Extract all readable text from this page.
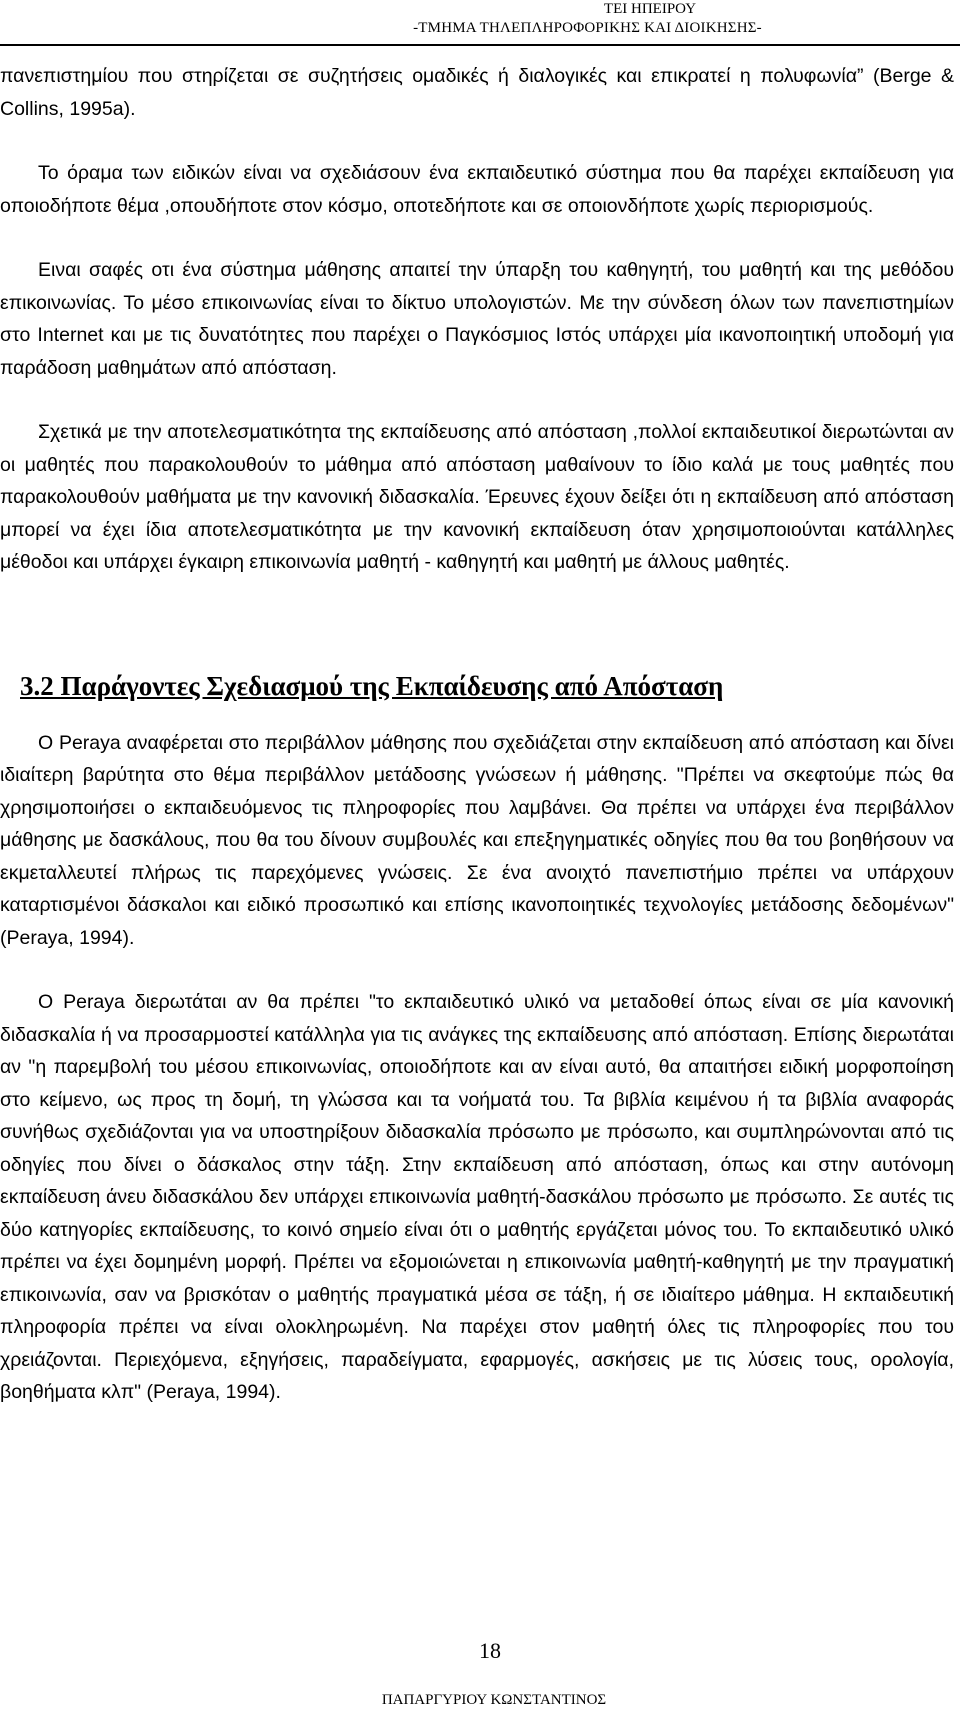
ΤΕΙ ΗΠΕΙΡΟΥ
-ΤΜΗΜΑ ΤΗΛΕΠΛΗΡΟΦΟΡΙΚΗΣ ΚΑΙ ΔΙΟΙΚΗΣΗΣ-

πανεπιστημίου που στηρίζεται σε συζητήσεις ομαδικές ή διαλογικές και επικρατεί η πολυφωνία” (Berge & Collins, 1995a).

Το όραμα των ειδικών είναι να σχεδιάσουν ένα εκπαιδευτικό σύστημα που θα παρέχει εκπαίδευση για οποιοδήποτε θέμα ,οπουδήποτε στον κόσμο, οποτεδήποτε και σε οποιονδήποτε χωρίς περιορισμούς.

Ειναι σαφές οτι ένα σύστημα μάθησης απαιτεί την ύπαρξη του καθηγητή, του μαθητή και της μεθόδου επικοινωνίας. Το μέσο επικοινωνίας είναι το δίκτυο υπολογιστών. Με την σύνδεση όλων των πανεπιστημίων στο Internet και με τις δυνατότητες που παρέχει ο Παγκόσμιος Ιστός υπάρχει μία ικανοποιητική υποδομή για παράδοση μαθημάτων από απόσταση.

Σχετικά με την αποτελεσματικότητα της εκπαίδευσης από απόσταση ,πολλοί εκπαιδευτικοί διερωτώνται αν οι μαθητές που παρακολουθούν το μάθημα από απόσταση μαθαίνουν το ίδιο καλά με τους μαθητές που παρακολουθούν μαθήματα με την κανονική διδασκαλία. Έρευνες έχουν δείξει ότι η εκπαίδευση από απόσταση μπορεί να έχει ίδια αποτελεσματικότητα με την κανονική εκπαίδευση όταν χρησιμοποιούνται κατάλληλες μέθοδοι και υπάρχει έγκαιρη επικοινωνία μαθητή - καθηγητή και μαθητή με άλλους μαθητές.

3.2 Παράγοντες Σχεδιασμού της Εκπαίδευσης από Απόσταση

Ο Peraya αναφέρεται στο περιβάλλον μάθησης που σχεδιάζεται στην εκπαίδευση από απόσταση και δίνει ιδιαίτερη βαρύτητα στο θέμα περιβάλλον μετάδοσης γνώσεων ή μάθησης. "Πρέπει να σκεφτούμε πώς θα χρησιμοποιήσει ο εκπαιδευόμενος τις πληροφορίες που λαμβάνει. Θα πρέπει να υπάρχει ένα περιβάλλον μάθησης με δασκάλους, που θα του δίνουν συμβουλές και επεξηγηματικές οδηγίες που θα του βοηθήσουν να εκμεταλλευτεί πλήρως τις παρεχόμενες γνώσεις. Σε ένα ανοιχτό πανεπιστήμιο πρέπει να υπάρχουν καταρτισμένοι δάσκαλοι και ειδικό προσωπικό και επίσης ικανοποιητικές τεχνολογίες μετάδοσης δεδομένων" (Peraya, 1994).

Ο Peraya διερωτάται αν θα πρέπει "το εκπαιδευτικό υλικό να μεταδοθεί όπως είναι σε μία κανονική διδασκαλία ή να προσαρμοστεί κατάλληλα για τις ανάγκες της εκπαίδευσης από απόσταση. Επίσης διερωτάται αν "η παρεμβολή του μέσου επικοινωνίας, οποιοδήποτε και αν είναι αυτό, θα απαιτήσει ειδική μορφοποίηση στο κείμενο, ως προς τη δομή, τη γλώσσα και τα νοήματά του. Τα βιβλία κειμένου ή τα βιβλία αναφοράς συνήθως σχεδιάζονται για να υποστηρίξουν διδασκαλία πρόσωπο με πρόσωπο, και συμπληρώνονται από τις οδηγίες που δίνει ο δάσκαλος στην τάξη. Στην εκπαίδευση από απόσταση, όπως και στην αυτόνομη εκπαίδευση άνευ διδασκάλου δεν υπάρχει επικοινωνία μαθητή-δασκάλου πρόσωπο με πρόσωπο. Σε αυτές τις δύο κατηγορίες εκπαίδευσης, το κοινό σημείο είναι ότι ο μαθητής εργάζεται μόνος του. Το εκπαιδευτικό υλικό πρέπει να έχει δομημένη μορφή. Πρέπει να εξομοιώνεται η επικοινωνία μαθητή-καθηγητή με την πραγματική επικοινωνία, σαν να βρισκόταν ο μαθητής πραγματικά μέσα σε τάξη, ή σε ιδιαίτερο μάθημα. Η εκπαιδευτική πληροφορία πρέπει να είναι ολοκληρωμένη. Να παρέχει στον μαθητή όλες τις πληροφορίες που του χρειάζονται. Περιεχόμενα, εξηγήσεις, παραδείγματα, εφαρμογές, ασκήσεις με τις λύσεις τους, ορολογία, βοηθήματα κλπ" (Peraya, 1994).

18
ΠΑΠΑΡΓΥΡΙΟΥ ΚΩΝΣΤΑΝΤΙΝΟΣ
